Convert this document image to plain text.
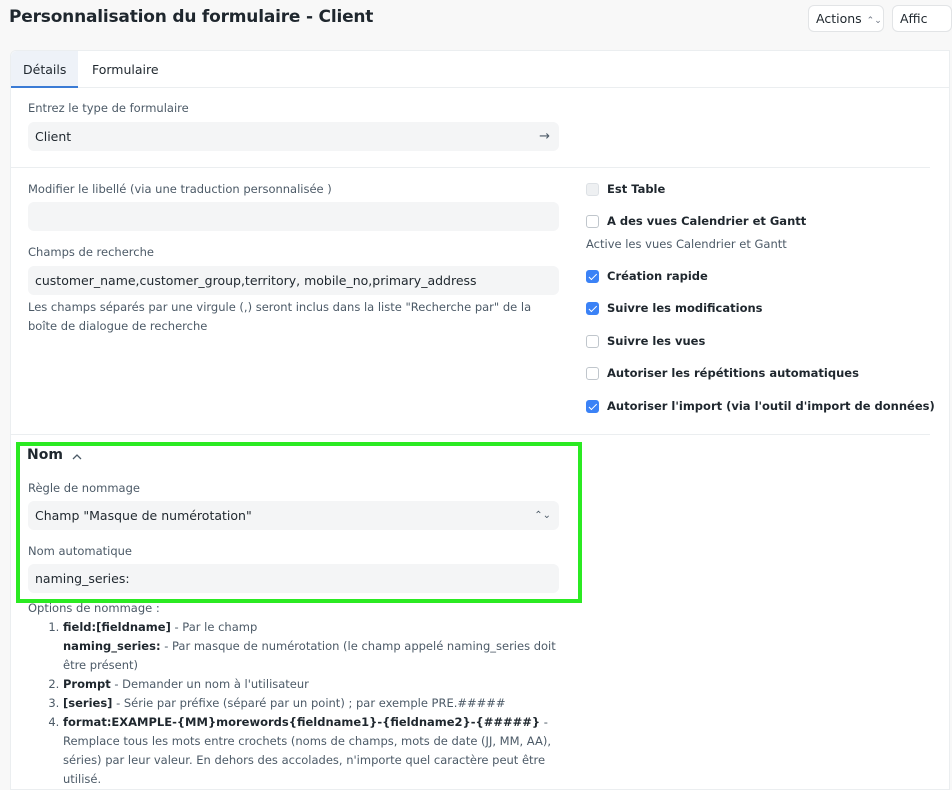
Personnalisation du formulaire - Client	Actions ⌃⌄	Affic
Détails	Formulaire
Entrez le type de formulaire
Client	→
Modifier le libellé (via une traduction personnalisée )
Champs de recherche
customer_name,customer_group,territory, mobile_no,primary_address
Les champs séparés par une virgule (,) seront inclus dans la liste "Recherche par" de la boîte de dialogue de recherche
Est Table
A des vues Calendrier et Gantt
Active les vues Calendrier et Gantt
Création rapide
Suivre les modifications
Suivre les vues
Autoriser les répétitions automatiques
Autoriser l'import (via l'outil d'import de données)
Nom
Règle de nommage
Champ "Masque de numérotation"	⌃⌄
Nom automatique
naming_series:
Options de nommage :
1. field:[fieldname] - Par le champ
naming_series: - Par masque de numérotation (le champ appelé naming_series doit être présent)
2. Prompt - Demander un nom à l'utilisateur
3. [series] - Série par préfixe (séparé par un point) ; par exemple PRE.#####
4. format:EXAMPLE-{MM}morewords{fieldname1}-{fieldname2}-{#####} - Remplace tous les mots entre crochets (noms de champs, mots de date (JJ, MM, AA), séries) par leur valeur. En dehors des accolades, n'importe quel caractère peut être utilisé.
